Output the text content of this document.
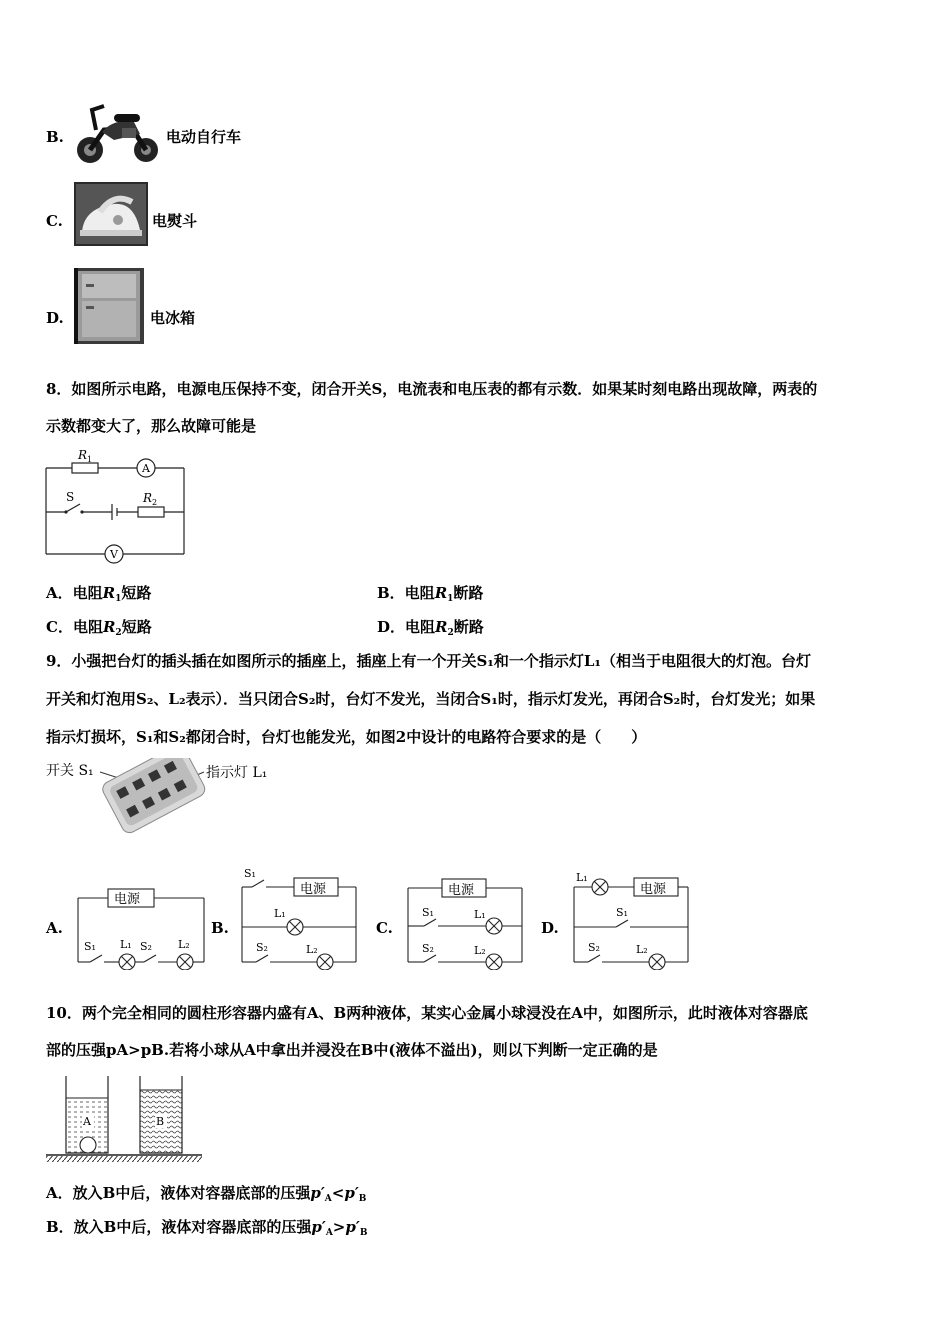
B.	电动自行车
C.	电熨斗
D.	电冰箱
8．如图所示电路，电源电压保持不变，闭合开关S，电流表和电压表的都有示数．如果某时刻电路出现故障，两表的
示数都变大了，那么故障可能是
$R_1$
$R_2$
S
A
V
A．电阻$R_1$短路	B．电阻$R_1$断路
C．电阻$R_2$短路	D．电阻$R_2$断路
9．小强把台灯的插头插在如图所示的插座上，插座上有一个开关S₁和一个指示灯L₁（相当于电阻很大的灯泡。台灯
开关和灯泡用S₂、L₂表示）．当只闭合S₂时，台灯不发光，当闭合S₁时，指示灯发光，再闭合S₂时，台灯发光；如果
指示灯损坏，S₁和S₂都闭合时，台灯也能发光，如图2中设计的电路符合要求的是（　　）
开关 S₁	指示灯 L₁
A.
电源
S₁ L₁ S₂ L₂
B.
S₁
电源
L₁
S₂	L₂
C.
电源
S₁	L₁
S₂	L₂
D.
L₁
电源
S₁
S₂	L₂
10．两个完全相同的圆柱形容器内盛有A、B两种液体，某实心金属小球浸没在A中，如图所示，此时液体对容器底
部的压强pA>pB.若将小球从A中拿出并浸没在B中(液体不溢出)，则以下判断一定正确的是
A	B
A．放入B中后，液体对容器底部的压强$p'_A<p'_B$
B．放入B中后，液体对容器底部的压强$p'_A>p'_B$
